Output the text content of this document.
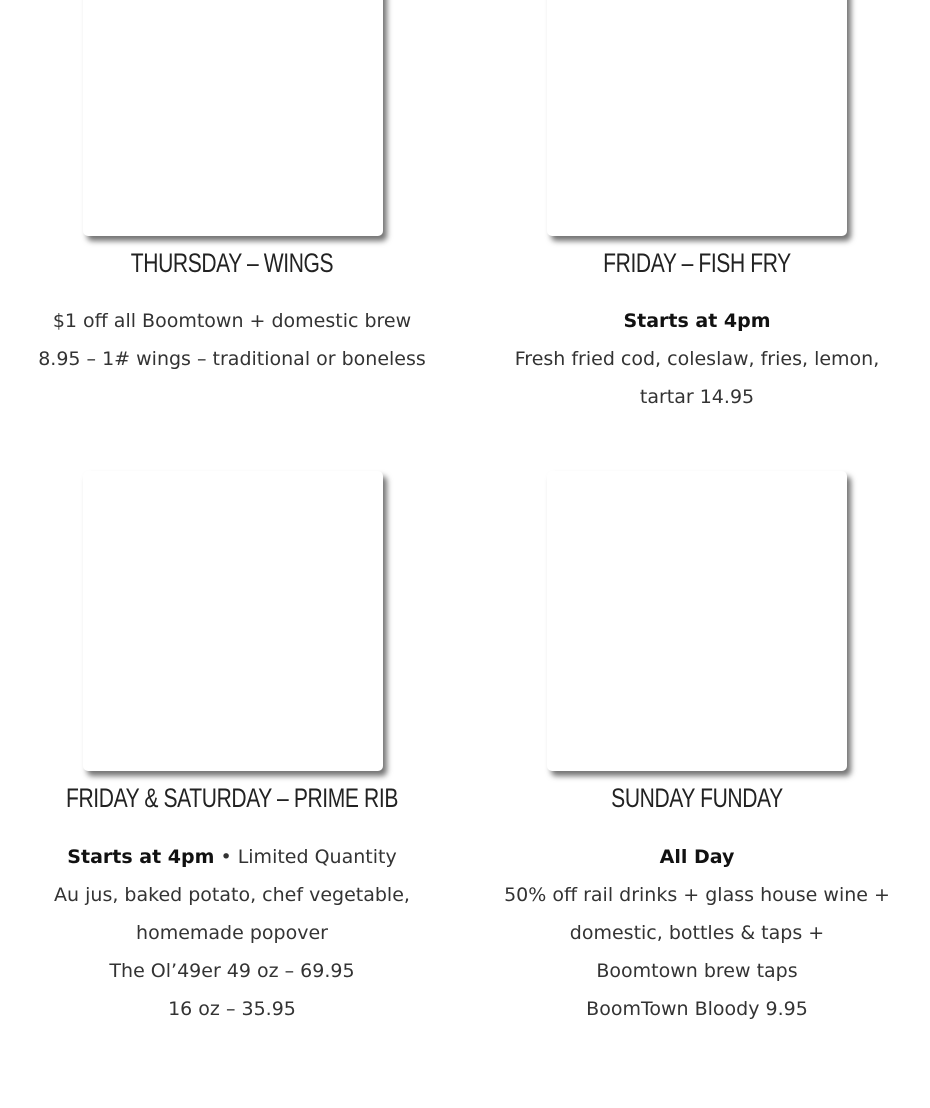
THURSDAY – WINGS

$1 off all Boomtown + domestic brew

8.95 – 1# wings – traditional or boneless

FRIDAY – FISH FRY

Starts at 4pm

Fresh fried cod, coleslaw, fries, lemon,

tartar 14.95

FRIDAY & SATURDAY – PRIME RIB

Starts at 4pm • Limited Quantity

Au jus, baked potato, chef vegetable,

homemade popover

The Ol’49er 49 oz – 69.95

16 oz – 35.95

SUNDAY FUNDAY

All Day

50% off rail drinks + glass house wine +

domestic, bottles & taps +

Boomtown brew taps

BoomTown Bloody 9.95
